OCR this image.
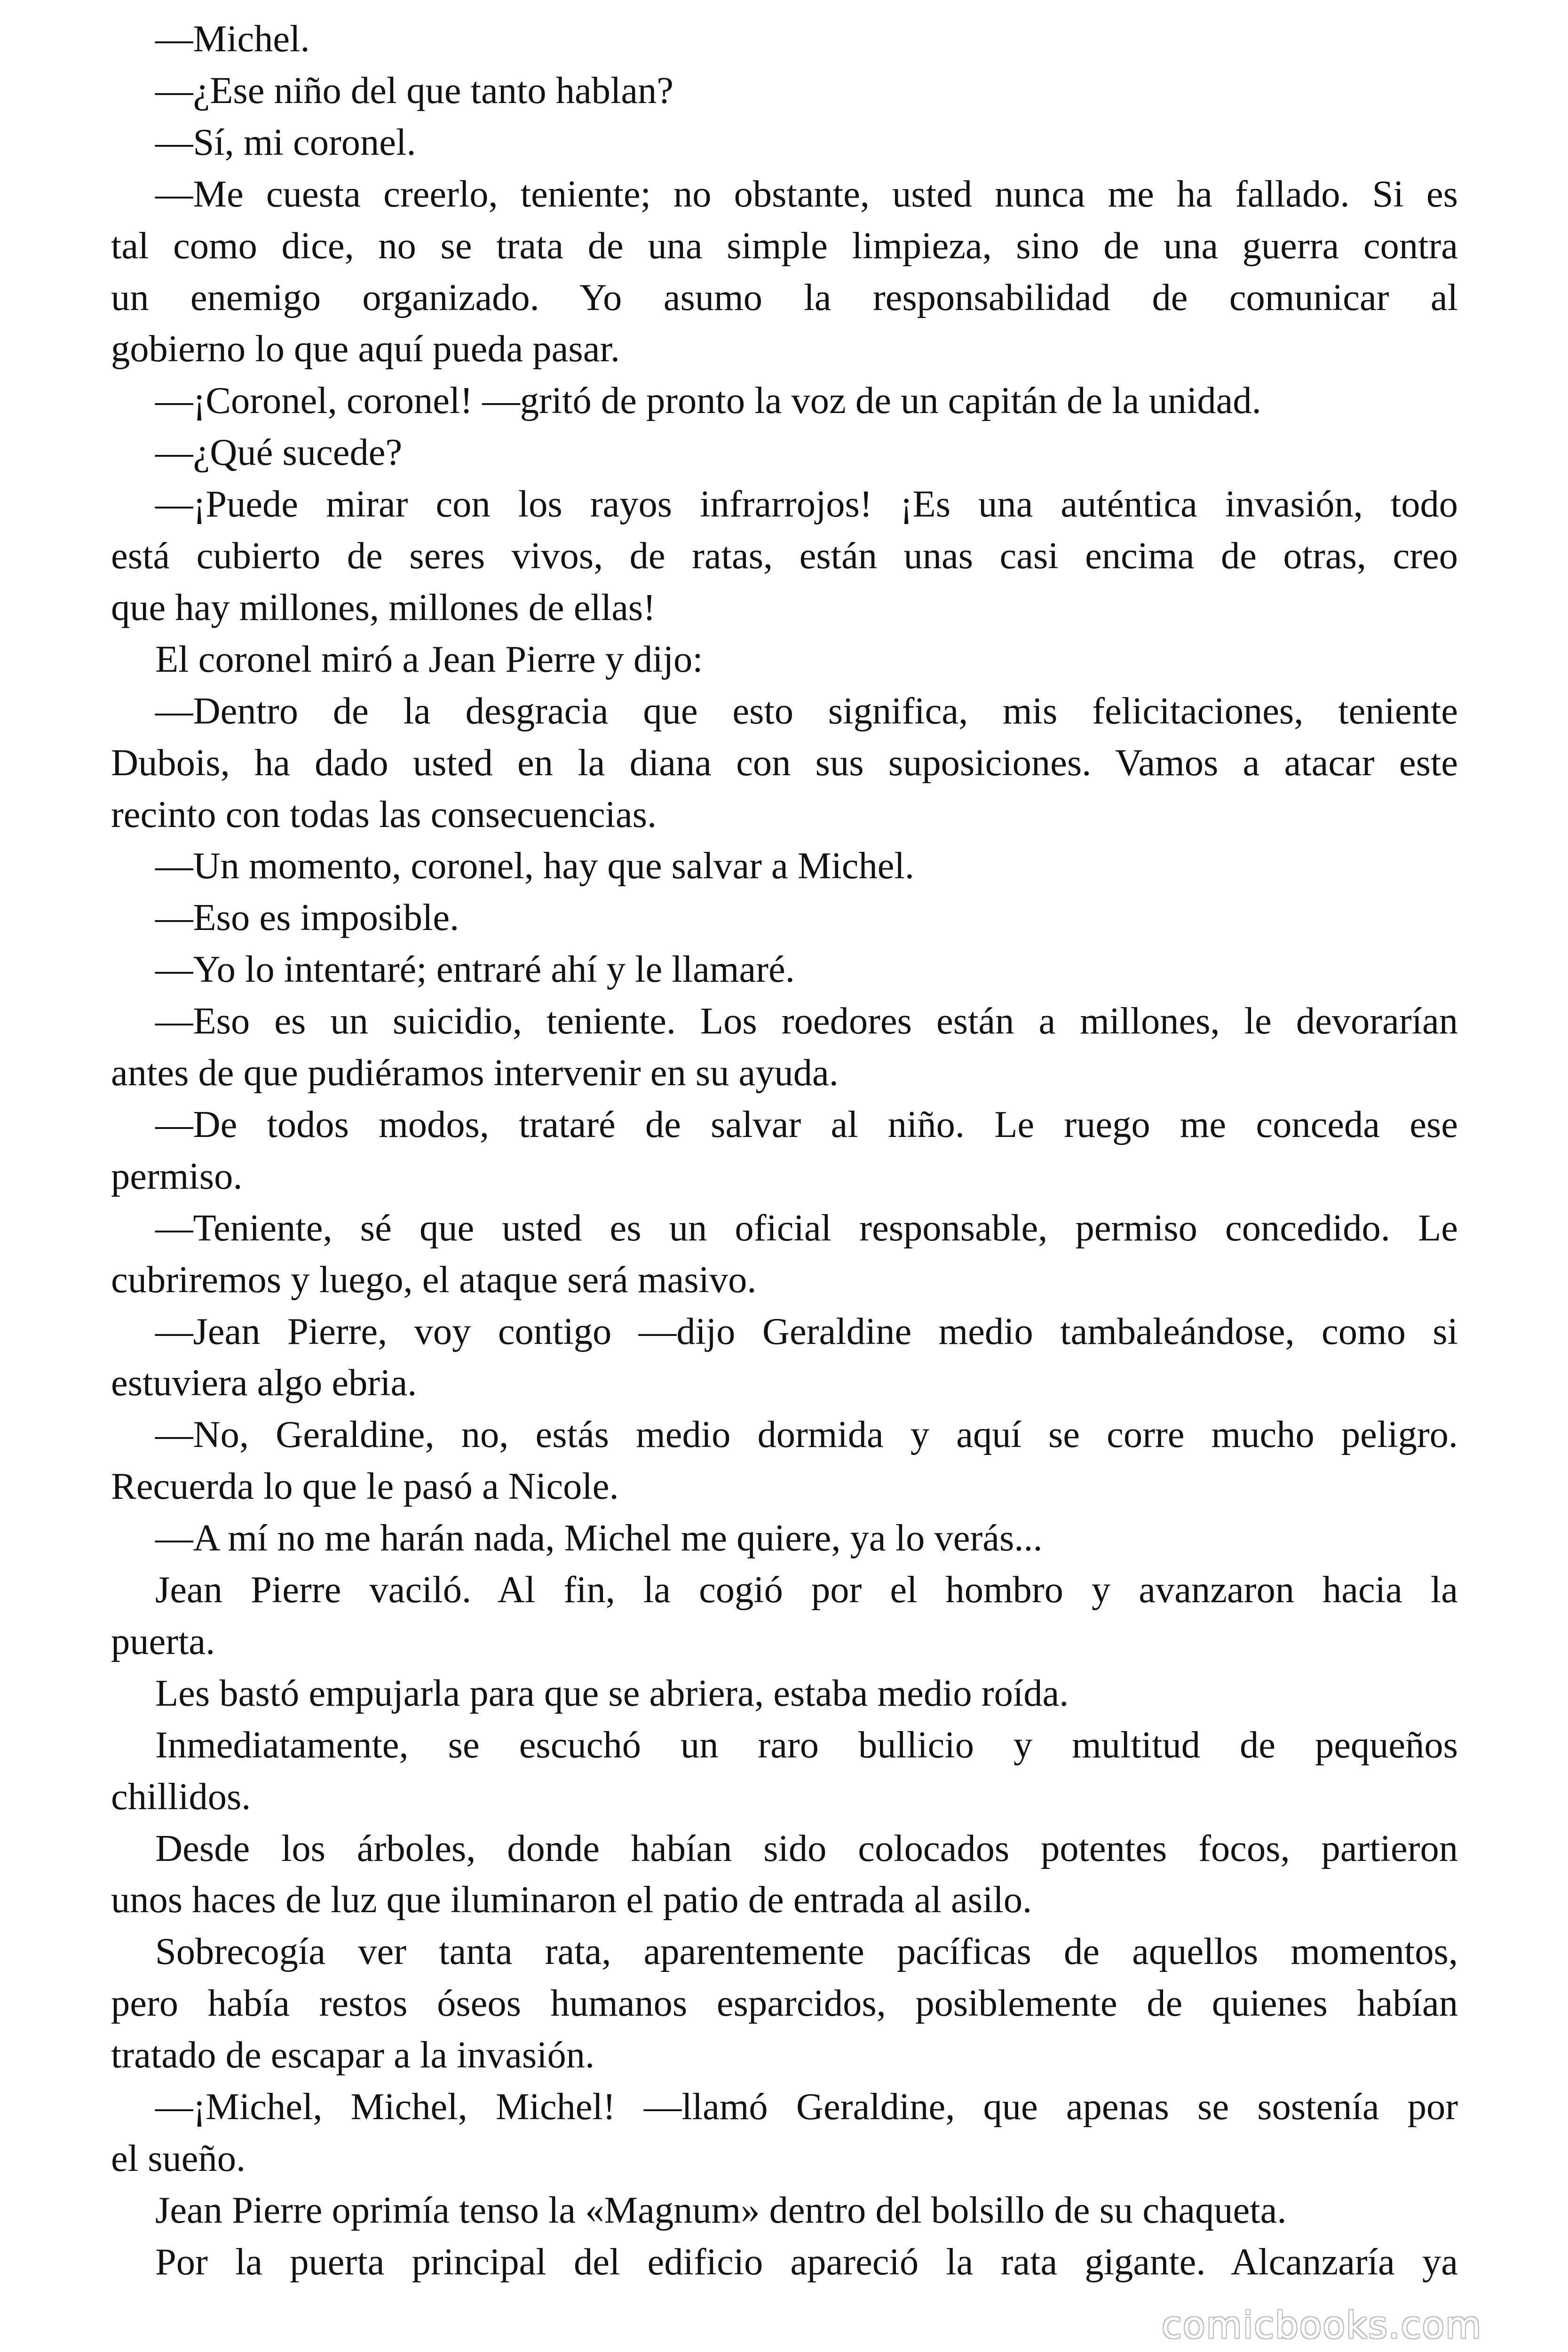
—Michel.
—¿Ese niño del que tanto hablan?
—Sí, mi coronel.
—Me cuesta creerlo, teniente; no obstante, usted nunca me ha fallado. Si es
tal como dice, no se trata de una simple limpieza, sino de una guerra contra
un enemigo organizado. Yo asumo la responsabilidad de comunicar al
gobierno lo que aquí pueda pasar.
—¡Coronel, coronel! —gritó de pronto la voz de un capitán de la unidad.
—¿Qué sucede?
—¡Puede mirar con los rayos infrarrojos! ¡Es una auténtica invasión, todo
está cubierto de seres vivos, de ratas, están unas casi encima de otras, creo
que hay millones, millones de ellas!
El coronel miró a Jean Pierre y dijo:
—Dentro de la desgracia que esto significa, mis felicitaciones, teniente
Dubois, ha dado usted en la diana con sus suposiciones. Vamos a atacar este
recinto con todas las consecuencias.
—Un momento, coronel, hay que salvar a Michel.
—Eso es imposible.
—Yo lo intentaré; entraré ahí y le llamaré.
—Eso es un suicidio, teniente. Los roedores están a millones, le devorarían
antes de que pudiéramos intervenir en su ayuda.
—De todos modos, trataré de salvar al niño. Le ruego me conceda ese
permiso.
—Teniente, sé que usted es un oficial responsable, permiso concedido. Le
cubriremos y luego, el ataque será masivo.
—Jean Pierre, voy contigo —dijo Geraldine medio tambaleándose, como si
estuviera algo ebria.
—No, Geraldine, no, estás medio dormida y aquí se corre mucho peligro.
Recuerda lo que le pasó a Nicole.
—A mí no me harán nada, Michel me quiere, ya lo verás...
Jean Pierre vaciló. Al fin, la cogió por el hombro y avanzaron hacia la
puerta.
Les bastó empujarla para que se abriera, estaba medio roída.
Inmediatamente, se escuchó un raro bullicio y multitud de pequeños
chillidos.
Desde los árboles, donde habían sido colocados potentes focos, partieron
unos haces de luz que iluminaron el patio de entrada al asilo.
Sobrecogía ver tanta rata, aparentemente pacíficas de aquellos momentos,
pero había restos óseos humanos esparcidos, posiblemente de quienes habían
tratado de escapar a la invasión.
—¡Michel, Michel, Michel! —llamó Geraldine, que apenas se sostenía por
el sueño.
Jean Pierre oprimía tenso la «Magnum» dentro del bolsillo de su chaqueta.
Por la puerta principal del edificio apareció la rata gigante. Alcanzaría ya
comicbooks.com
